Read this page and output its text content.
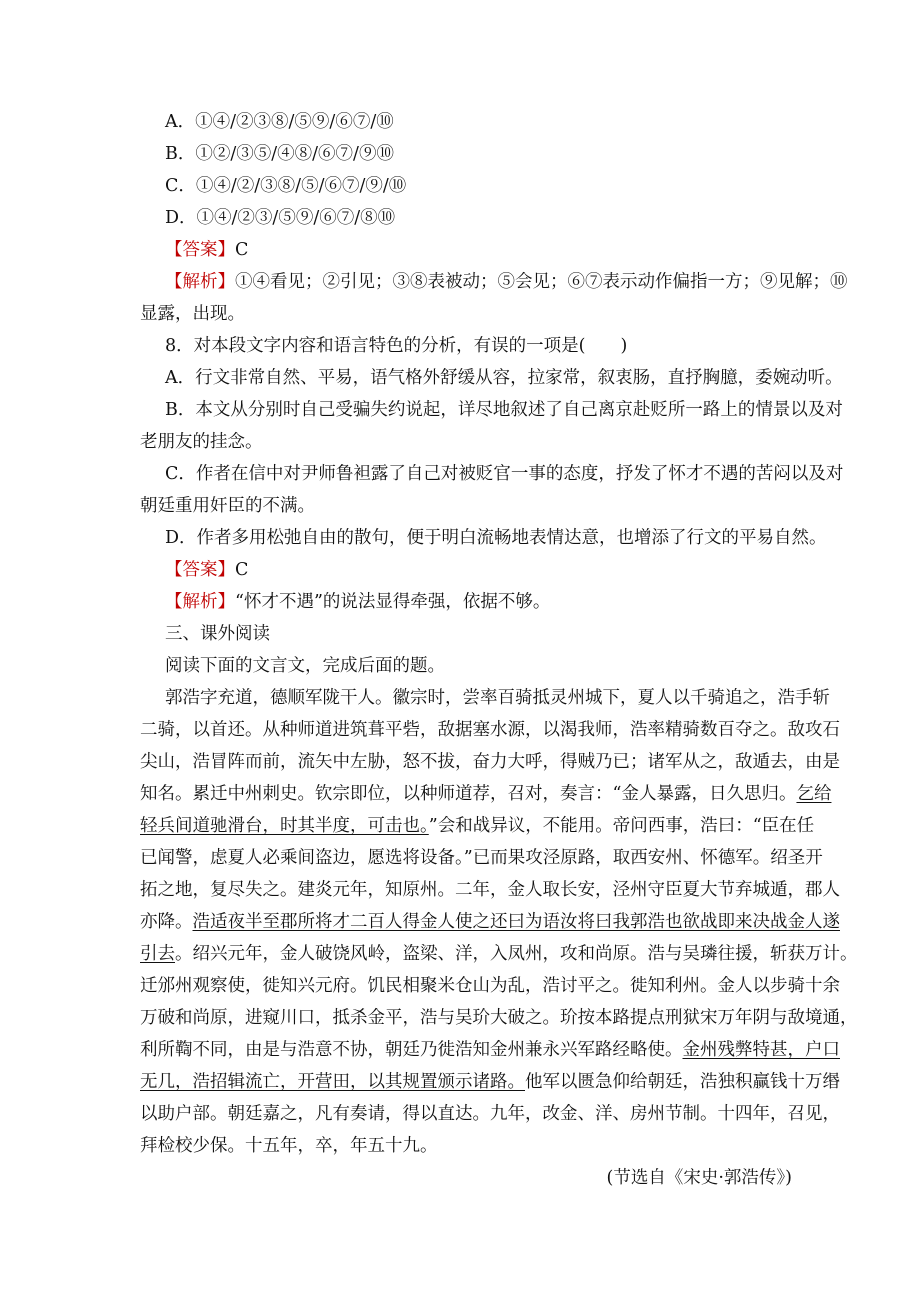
A．①④/②③⑧/⑤⑨/⑥⑦/⑩
B．①②/③⑤/④⑧/⑥⑦/⑨⑩
C．①④/②/③⑧/⑤/⑥⑦/⑨/⑩
D．①④/②③/⑤⑨/⑥⑦/⑧⑩
【答案】C
【解析】①④看见；②引见；③⑧表被动；⑤会见；⑥⑦表示动作偏指一方；⑨见解；⑩
显露，出现。
8．对本段文字内容和语言特色的分析，有误的一项是(　　)
A．行文非常自然、平易，语气格外舒缓从容，拉家常，叙衷肠，直抒胸臆，委婉动听。
B．本文从分别时自己受骗失约说起，详尽地叙述了自己离京赴贬所一路上的情景以及对
老朋友的挂念。
C．作者在信中对尹师鲁袒露了自己对被贬官一事的态度，抒发了怀才不遇的苦闷以及对
朝廷重用奸臣的不满。
D．作者多用松弛自由的散句，便于明白流畅地表情达意，也增添了行文的平易自然。
【答案】C
【解析】“怀才不遇”的说法显得牵强，依据不够。
三、课外阅读
阅读下面的文言文，完成后面的题。
郭浩字充道，德顺军陇干人。徽宗时，尝率百骑抵灵州城下，夏人以千骑追之，浩手斩
二骑，以首还。从种师道进筑葺平砦，敌据塞水源，以渴我师，浩率精骑数百夺之。敌攻石
尖山，浩冒阵而前，流矢中左胁，怒不拔，奋力大呼，得贼乃已；诸军从之，敌遁去，由是
知名。累迁中州刺史。钦宗即位，以种师道荐，召对，奏言：“金人暴露，日久思归。乞给
轻兵间道驰滑台，时其半度，可击也。”会和战异议，不能用。帝问西事，浩曰：“臣在任
已闻警，虑夏人必乘间盗边，愿选将设备。”已而果攻泾原路，取西安州、怀德军。绍圣开
拓之地，复尽失之。建炎元年，知原州。二年，金人取长安，泾州守臣夏大节弃城遁，郡人
亦降。浩适夜半至郡所将才二百人得金人使之还曰为语汝将曰我郭浩也欲战即来决战金人遂
引去。绍兴元年，金人破饶风岭，盗梁、洋，入凤州，攻和尚原。浩与吴璘往援，斩获万计。
迁邠州观察使，徙知兴元府。饥民相聚米仓山为乱，浩讨平之。徙知利州。金人以步骑十余
万破和尚原，进窥川口，抵杀金平，浩与吴玠大破之。玠按本路提点刑狱宋万年阴与敌境通，
利所鞫不同，由是与浩意不协，朝廷乃徙浩知金州兼永兴军路经略使。金州残弊特甚，户口
无几，浩招辑流亡，开营田，以其规置颁示诸路。他军以匮急仰给朝廷，浩独积赢钱十万缗
以助户部。朝廷嘉之，凡有奏请，得以直达。九年，改金、洋、房州节制。十四年，召见，
拜检校少保。十五年，卒，年五十九。
(节选自《宋史·郭浩传》)
